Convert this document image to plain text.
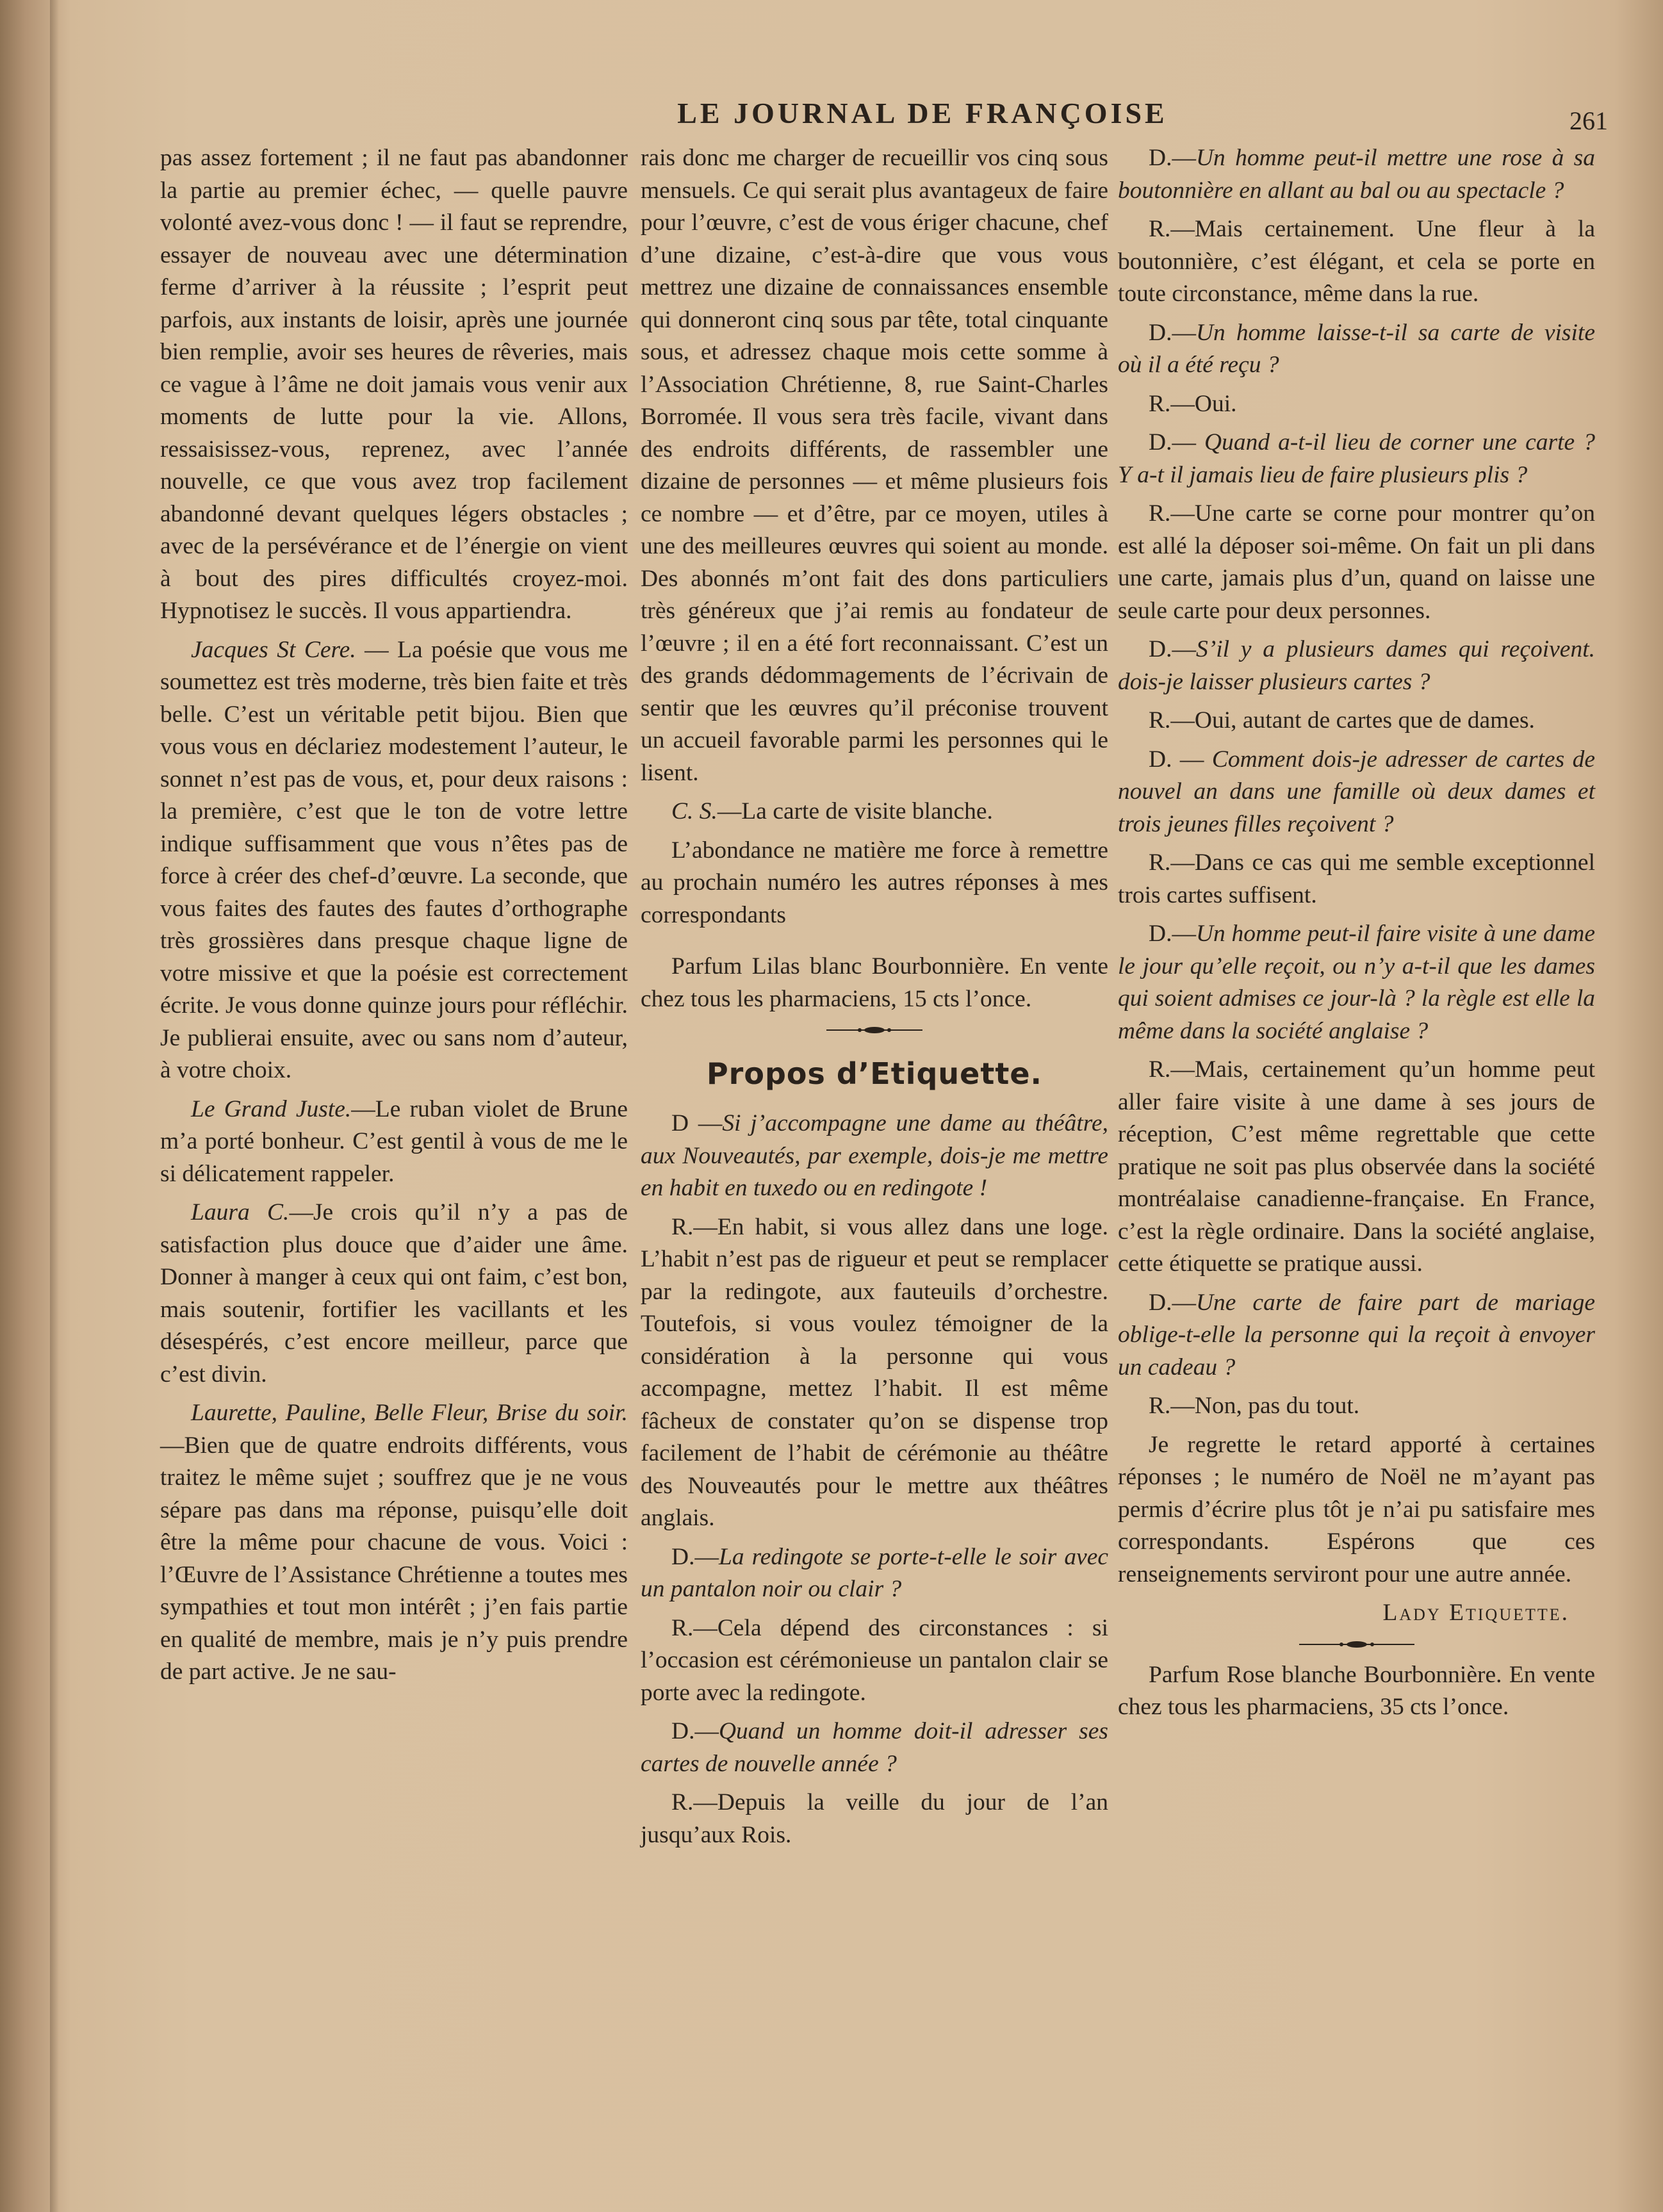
LE JOURNAL DE FRANÇOISE	261

pas assez fortement ; il ne faut pas abandonner la partie au premier échec, — quelle pauvre volonté avez-vous donc ! — il faut se reprendre, essayer de nouveau avec une détermination ferme d’arriver à la réussite ; l’esprit peut parfois, aux instants de loisir, après une journée bien remplie, avoir ses heures de rêveries, mais ce vague à l’âme ne doit jamais vous venir aux moments de lutte pour la vie. Allons, ressaisissez-vous, reprenez, avec l’année nouvelle, ce que vous avez trop facilement abandonné devant quelques légers obstacles ; avec de la persévérance et de l’énergie on vient à bout des pires difficultés croyez-moi. Hypnotisez le succès. Il vous appartiendra.

Jacques St Cere. — La poésie que vous me soumettez est très moderne, très bien faite et très belle. C’est un véritable petit bijou. Bien que vous vous en déclariez modestement l’auteur, le sonnet n’est pas de vous, et, pour deux raisons : la première, c’est que le ton de votre lettre indique suffisamment que vous n’êtes pas de force à créer des chef-d’œuvre. La seconde, que vous faites des fautes des fautes d’orthographe très grossières dans presque chaque ligne de votre missive et que la poésie est correctement écrite. Je vous donne quinze jours pour réfléchir. Je publierai ensuite, avec ou sans nom d’auteur, à votre choix.

Le Grand Juste.—Le ruban violet de Brune m’a porté bonheur. C’est gentil à vous de me le si délicatement rappeler.

Laura C.—Je crois qu’il n’y a pas de satisfaction plus douce que d’aider une âme. Donner à manger à ceux qui ont faim, c’est bon, mais soutenir, fortifier les vacillants et les désespérés, c’est encore meilleur, parce que c’est divin.

Laurette, Pauline, Belle Fleur, Brise du soir.—Bien que de quatre endroits différents, vous traitez le même sujet ; souffrez que je ne vous sépare pas dans ma réponse, puisqu’elle doit être la même pour chacune de vous. Voici : l’Œuvre de l’Assistance Chrétienne a toutes mes sympathies et tout mon intérêt ; j’en fais partie en qualité de membre, mais je n’y puis prendre de part active. Je ne sau-

rais donc me charger de recueillir vos cinq sous mensuels. Ce qui serait plus avantageux de faire pour l’œuvre, c’est de vous ériger chacune, chef d’une dizaine, c’est-à-dire que vous vous mettrez une dizaine de connaissances ensemble qui donneront cinq sous par tête, total cinquante sous, et adressez chaque mois cette somme à l’Association Chrétienne, 8, rue Saint-Charles Borromée. Il vous sera très facile, vivant dans des endroits différents, de rassembler une dizaine de personnes — et même plusieurs fois ce nombre — et d’être, par ce moyen, utiles à une des meilleures œuvres qui soient au monde. Des abonnés m’ont fait des dons particuliers très généreux que j’ai remis au fondateur de l’œuvre ; il en a été fort reconnaissant. C’est un des grands dédommagements de l’écrivain de sentir que les œuvres qu’il préconise trouvent un accueil favorable parmi les personnes qui le lisent.

C. S.—La carte de visite blanche.

L’abondance ne matière me force à remettre au prochain numéro les autres réponses à mes correspondants

Parfum Lilas blanc Bourbonnière. En vente chez tous les pharmaciens, 15 cts l’once.

Propos d’Etiquette.

D —Si j’accompagne une dame au théâtre, aux Nouveautés, par exemple, dois-je me mettre en habit en tuxedo ou en redingote !

R.—En habit, si vous allez dans une loge. L’habit n’est pas de rigueur et peut se remplacer par la redingote, aux fauteuils d’orchestre. Toutefois, si vous voulez témoigner de la considération à la personne qui vous accompagne, mettez l’habit. Il est même fâcheux de constater qu’on se dispense trop facilement de l’habit de cérémonie au théâtre des Nouveautés pour le mettre aux théâtres anglais.

D.—La redingote se porte-t-elle le soir avec un pantalon noir ou clair ?

R.—Cela dépend des circonstances : si l’occasion est cérémonieuse un pantalon clair se porte avec la redingote.

D.—Quand un homme doit-il adresser ses cartes de nouvelle année ?

R.—Depuis la veille du jour de l’an jusqu’aux Rois.

D.—Un homme peut-il mettre une rose à sa boutonnière en allant au bal ou au spectacle ?

R.—Mais certainement. Une fleur à la boutonnière, c’est élégant, et cela se porte en toute circonstance, même dans la rue.

D.—Un homme laisse-t-il sa carte de visite où il a été reçu ?

R.—Oui.

D.— Quand a-t-il lieu de corner une carte ? Y a-t il jamais lieu de faire plusieurs plis ?

R.—Une carte se corne pour montrer qu’on est allé la déposer soi-même. On fait un pli dans une carte, jamais plus d’un, quand on laisse une seule carte pour deux personnes.

D.—S’il y a plusieurs dames qui reçoivent. dois-je laisser plusieurs cartes ?

R.—Oui, autant de cartes que de dames.

D. — Comment dois-je adresser de cartes de nouvel an dans une famille où deux dames et trois jeunes filles reçoivent ?

R.—Dans ce cas qui me semble exceptionnel trois cartes suffisent.

D.—Un homme peut-il faire visite à une dame le jour qu’elle reçoit, ou n’y a-t-il que les dames qui soient admises ce jour-là ? la règle est elle la même dans la société anglaise ?

R.—Mais, certainement qu’un homme peut aller faire visite à une dame à ses jours de réception, C’est même regrettable que cette pratique ne soit pas plus observée dans la société montréalaise canadienne-française. En France, c’est la règle ordinaire. Dans la société anglaise, cette étiquette se pratique aussi.

D.—Une carte de faire part de mariage oblige-t-elle la personne qui la reçoit à envoyer un cadeau ?

R.—Non, pas du tout.

Je regrette le retard apporté à certaines réponses ; le numéro de Noël ne m’ayant pas permis d’écrire plus tôt je n’ai pu satisfaire mes correspondants. Espérons que ces renseignements serviront pour une autre année.

Lady Etiquette.

Parfum Rose blanche Bourbonnière. En vente chez tous les pharmaciens, 35 cts l’once.
